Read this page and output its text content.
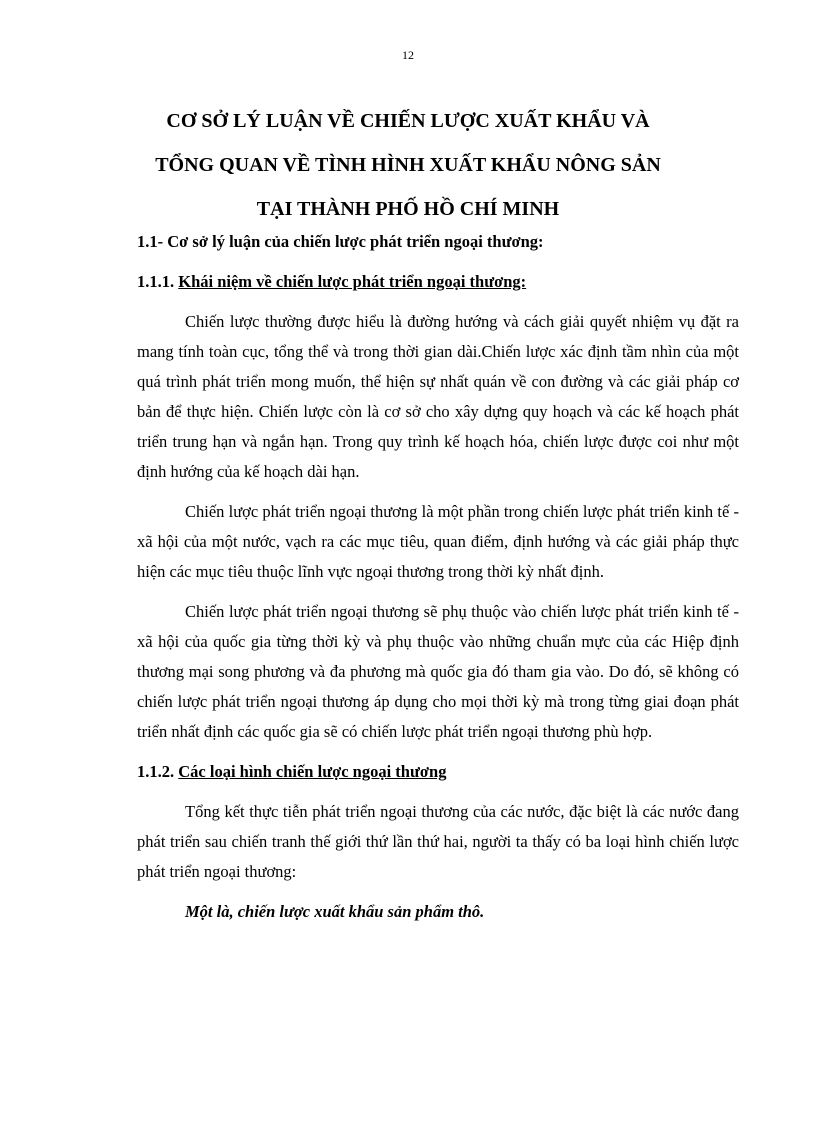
12
CƠ SỞ LÝ LUẬN VỀ CHIẾN LƯỢC XUẤT KHẨU VÀ
TỔNG QUAN VỀ TÌNH HÌNH XUẤT KHẨU NÔNG SẢN
TẠI THÀNH PHỐ HỒ CHÍ MINH

1.1- Cơ sở lý luận của chiến lược phát triển ngoại thương:

1.1.1. Khái niệm về chiến lược phát triển ngoại thương:

Chiến lược thường được hiểu là đường hướng và cách giải quyết nhiệm vụ đặt ra mang tính toàn cục, tổng thể và trong thời gian dài.Chiến lược xác định tầm nhìn của một quá trình phát triển mong muốn, thể hiện sự nhất quán về con đường và các giải pháp cơ bản để thực hiện. Chiến lược còn là cơ sở cho xây dựng quy hoạch và các kế hoạch phát triển trung hạn và ngắn hạn. Trong quy trình kế hoạch hóa, chiến lược được coi như một định hướng của kế hoạch dài hạn.

Chiến lược phát triển ngoại thương là một phần trong chiến lược phát triển kinh tế -xã hội của một nước, vạch ra các mục tiêu, quan điểm, định hướng và các giải pháp thực hiện các mục tiêu thuộc lĩnh vực ngoại thương trong thời kỳ nhất định.

Chiến lược phát triển ngoại thương sẽ phụ thuộc vào chiến lược phát triển kinh tế - xã hội của quốc gia từng thời kỳ và phụ thuộc vào những chuẩn mực của các Hiệp định thương mại song phương và đa phương mà quốc gia đó tham gia vào. Do đó, sẽ không có chiến lược phát triển ngoại thương áp dụng cho mọi thời kỳ mà trong từng giai đoạn phát triển nhất định các quốc gia sẽ có chiến lược phát triển ngoại thương phù hợp.

1.1.2. Các loại hình chiến lược ngoại thương

Tổng kết thực tiễn phát triển ngoại thương của các nước, đặc biệt là các nước đang phát triển sau chiến tranh thế giới thứ lần thứ hai, người ta thấy có ba loại hình chiến lược phát triển ngoại thương:

Một là, chiến lược xuất khẩu sản phẩm thô.
